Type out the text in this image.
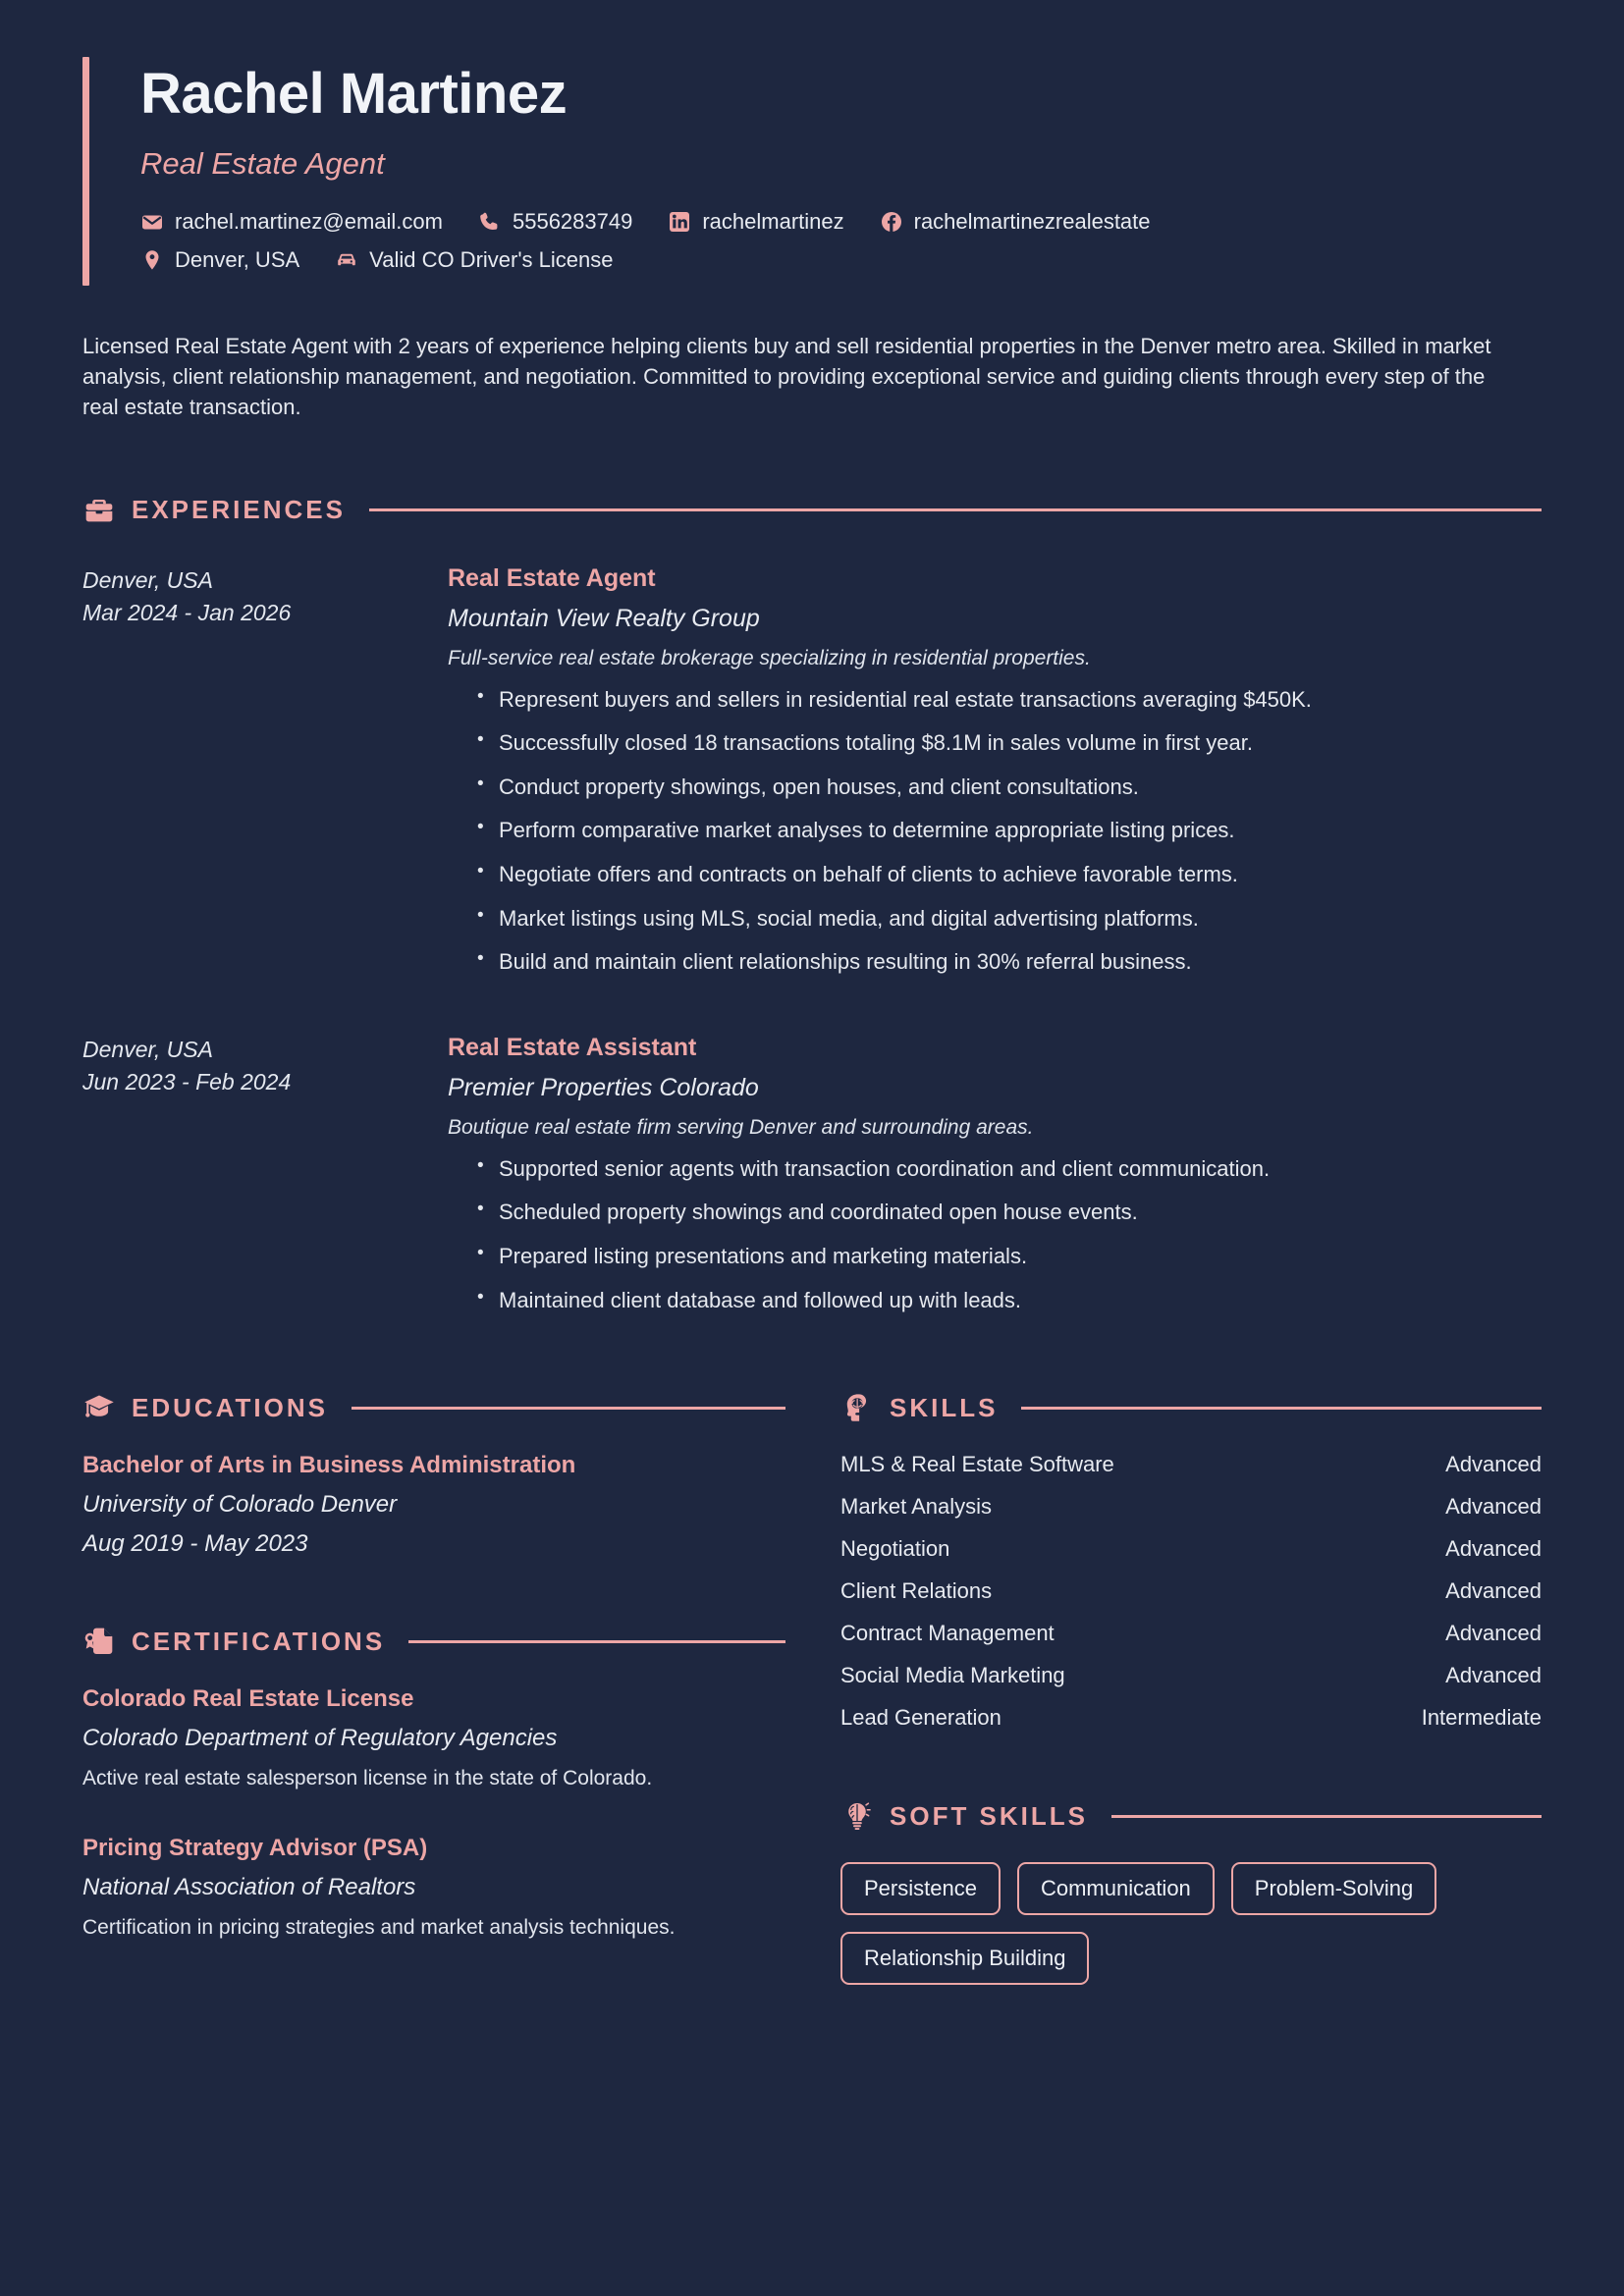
Rachel Martinez
Real Estate Agent
rachel.martinez@email.com	5556283749	rachelmartinez	rachelmartinezrealestate
Denver, USA	Valid CO Driver's License
Licensed Real Estate Agent with 2 years of experience helping clients buy and sell residential properties in the Denver metro area. Skilled in market analysis, client relationship management, and negotiation. Committed to providing exceptional service and guiding clients through every step of the real estate transaction.
EXPERIENCES
Denver, USA
Mar 2024 - Jan 2026
Real Estate Agent
Mountain View Realty Group
Full-service real estate brokerage specializing in residential properties.
• Represent buyers and sellers in residential real estate transactions averaging $450K.
• Successfully closed 18 transactions totaling $8.1M in sales volume in first year.
• Conduct property showings, open houses, and client consultations.
• Perform comparative market analyses to determine appropriate listing prices.
• Negotiate offers and contracts on behalf of clients to achieve favorable terms.
• Market listings using MLS, social media, and digital advertising platforms.
• Build and maintain client relationships resulting in 30% referral business.
Denver, USA
Jun 2023 - Feb 2024
Real Estate Assistant
Premier Properties Colorado
Boutique real estate firm serving Denver and surrounding areas.
• Supported senior agents with transaction coordination and client communication.
• Scheduled property showings and coordinated open house events.
• Prepared listing presentations and marketing materials.
• Maintained client database and followed up with leads.
EDUCATIONS
Bachelor of Arts in Business Administration
University of Colorado Denver
Aug 2019 - May 2023
CERTIFICATIONS
Colorado Real Estate License
Colorado Department of Regulatory Agencies
Active real estate salesperson license in the state of Colorado.
Pricing Strategy Advisor (PSA)
National Association of Realtors
Certification in pricing strategies and market analysis techniques.
SKILLS
MLS & Real Estate Software	Advanced
Market Analysis	Advanced
Negotiation	Advanced
Client Relations	Advanced
Contract Management	Advanced
Social Media Marketing	Advanced
Lead Generation	Intermediate
SOFT SKILLS
Persistence	Communication	Problem-Solving
Relationship Building
